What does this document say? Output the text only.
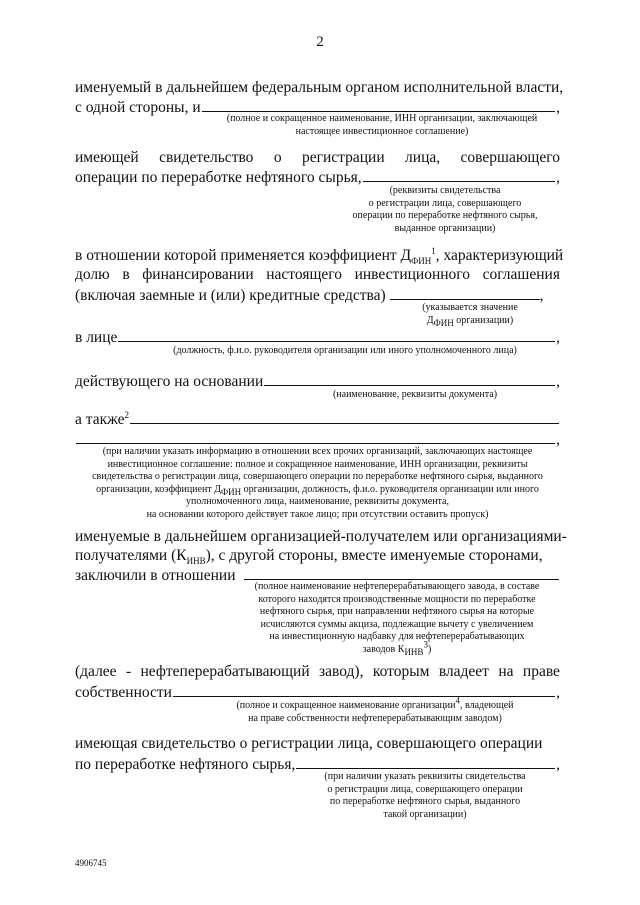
2
именуемый в дальнейшем федеральным органом исполнительной власти,
с одной стороны, и	,
(полное и сокращенное наименование, ИНН организации, заключающей
настоящее инвестиционное соглашение)
имеющей свидетельство о регистрации лица, совершающего
операции по переработке нефтяного сырья,	,
(реквизиты свидетельства
о регистрации лица, совершающего
операции по переработке нефтяного сырья,
выданное организации)
в отношении которой применяется коэффициент $Д_{ФИН}^1$, характеризующий
долю в финансировании настоящего инвестиционного соглашения
(включая заемные и (или) кредитные средства)	,
(указывается значение
$Д_{ФИН}$ организации)
в лице	,
(должность, ф.и.о. руководителя организации или иного уполномоченного лица)
действующего на основании	,
(наименование, реквизиты документа)
а также$^2$
,
(при наличии указать информацию в отношении всех прочих организаций, заключающих настоящее
инвестиционное соглашение: полное и сокращенное наименование, ИНН организации, реквизиты
свидетельства о регистрации лица, совершающего операции по переработке нефтяного сырья, выданного
организации, коэффициент $Д_{ФИН}$ организации, должность, ф.и.о. руководителя организации или иного
уполномоченного лица, наименование, реквизиты документа,
на основании которого действует такое лицо; при отсутствии оставить пропуск)
именуемые в дальнейшем организацией-получателем или организациями-
получателями $(К_{ИНВ})$, с другой стороны, вместе именуемые сторонами,
заключили в отношении
(полное наименование нефтеперерабатывающего завода, в составе
которого находятся производственные мощности по переработке
нефтяного сырья, при направлении нефтяного сырья на которые
исчисляются суммы акциза, подлежащие вычету с увеличением
на инвестиционную надбавку для нефтеперерабатывающих
заводов $К_{ИНВ}^3$)
(далее - нефтеперерабатывающий завод), которым владеет на праве
собственности	,
(полное и сокращенное наименование организации$^4$, владеющей
на праве собственности нефтеперерабатывающим заводом)
имеющая свидетельство о регистрации лица, совершающего операции
по переработке нефтяного сырья,	,
(при наличии указать реквизиты свидетельства
о регистрации лица, совершающего операции
по переработке нефтяного сырья, выданного
такой организации)
4906745
